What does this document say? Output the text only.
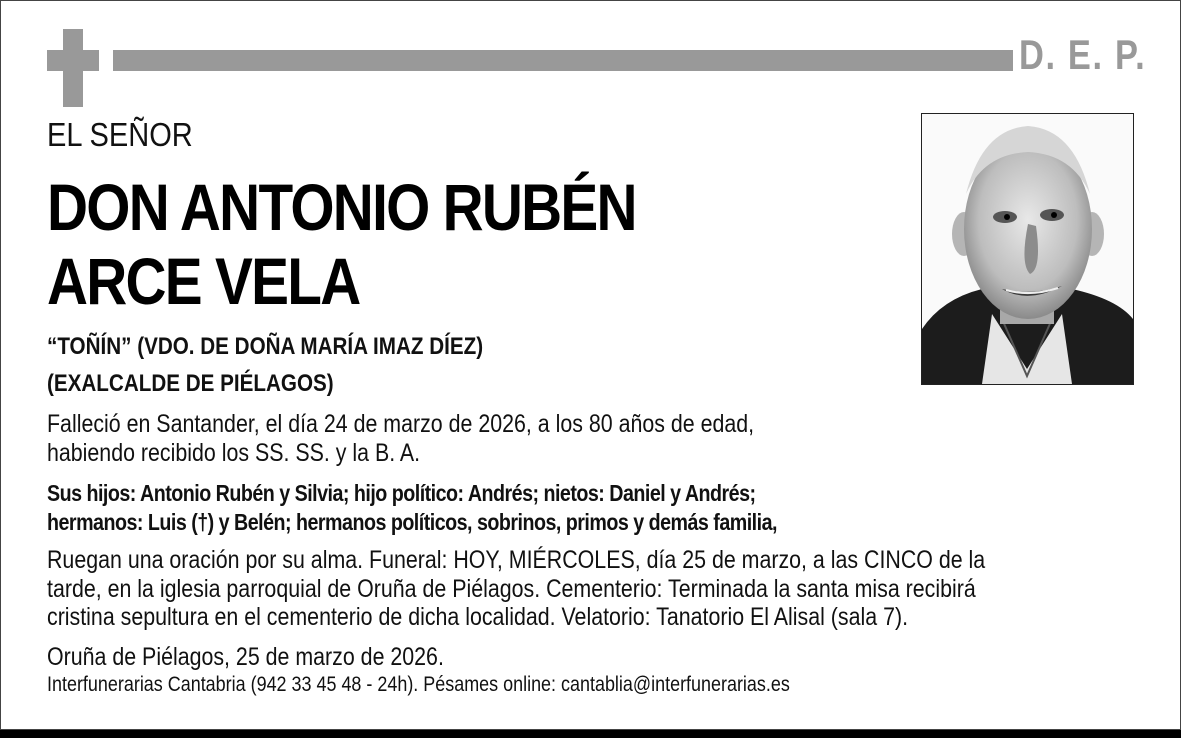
D. E. P.
EL SEÑOR
DON ANTONIO RUBÉN
ARCE VELA
“TOÑÍN” (VDO. DE DOÑA MARÍA IMAZ DÍEZ)
(EXALCALDE DE PIÉLAGOS)
Falleció en Santander, el día 24 de marzo de 2026, a los 80 años de edad,
habiendo recibido los SS. SS. y la B. A.
Sus hijos: Antonio Rubén y Silvia; hijo político: Andrés; nietos: Daniel y Andrés;
hermanos: Luis (†) y Belén; hermanos políticos, sobrinos, primos y demás familia,
Ruegan una oración por su alma. Funeral: HOY, MIÉRCOLES, día 25 de marzo, a las CINCO de la
tarde, en la iglesia parroquial de Oruña de Piélagos. Cementerio: Terminada la santa misa recibirá
cristina sepultura en el cementerio de dicha localidad. Velatorio: Tanatorio El Alisal (sala 7).
Oruña de Piélagos, 25 de marzo de 2026.
Interfunerarias Cantabria (942 33 45 48 - 24h). Pésames online: cantablia@interfunerarias.es
